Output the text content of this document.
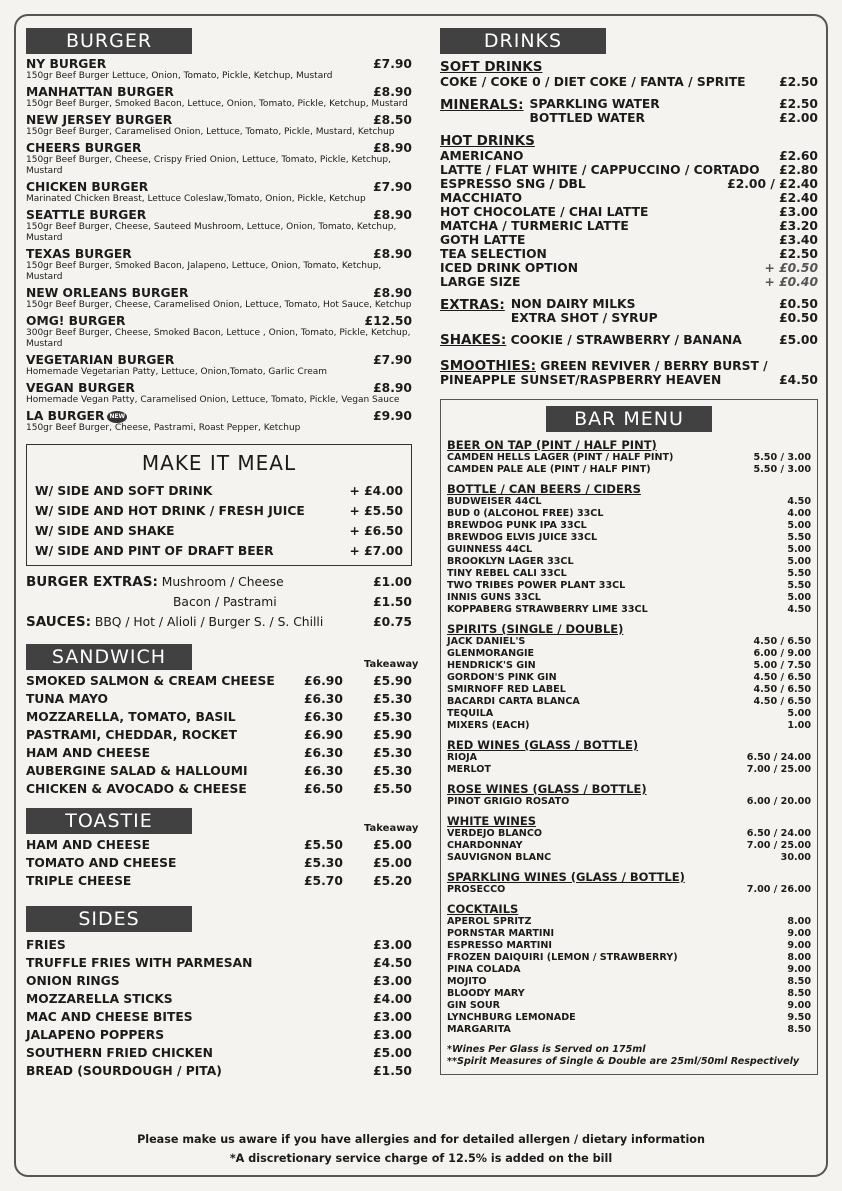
BURGER
NY BURGER	£7.90
150gr Beef Burger Lettuce, Onion, Tomato, Pickle, Ketchup, Mustard
MANHATTAN BURGER	£8.90
150gr Beef Burger, Smoked Bacon, Lettuce, Onion, Tomato, Pickle, Ketchup, Mustard
NEW JERSEY BURGER	£8.50
150gr Beef Burger, Caramelised Onion, Lettuce, Tomato, Pickle, Mustard, Ketchup
CHEERS BURGER	£8.90
150gr Beef Burger, Cheese, Crispy Fried Onion, Lettuce, Tomato, Pickle, Ketchup, Mustard
CHICKEN BURGER	£7.90
Marinated Chicken Breast, Lettuce Coleslaw,Tomato, Onion, Pickle, Ketchup
SEATTLE BURGER	£8.90
150gr Beef Burger, Cheese, Sauteed Mushroom, Lettuce, Onion, Tomato, Ketchup, Mustard
TEXAS BURGER	£8.90
150gr Beef Burger, Smoked Bacon, Jalapeno, Lettuce, Onion, Tomato, Ketchup, Mustard
NEW ORLEANS BURGER	£8.90
150gr Beef Burger, Cheese, Caramelised Onion, Lettuce, Tomato, Hot Sauce, Ketchup
OMG! BURGER	£12.50
300gr Beef Burger, Cheese, Smoked Bacon, Lettuce , Onion, Tomato, Pickle, Ketchup, Mustard
VEGETARIAN BURGER	£7.90
Homemade Vegetarian Patty, Lettuce, Onion,Tomato, Garlic Cream
VEGAN BURGER	£8.90
Homemade Vegan Patty, Caramelised Onion, Lettuce, Tomato, Pickle, Vegan Sauce
LA BURGER NEW	£9.90
150gr Beef Burger, Cheese, Pastrami, Roast Pepper, Ketchup
MAKE IT MEAL
W/ SIDE AND SOFT DRINK	+ £4.00
W/ SIDE AND HOT DRINK / FRESH JUICE	+ £5.50
W/ SIDE AND SHAKE	+ £6.50
W/ SIDE AND PINT OF DRAFT BEER	+ £7.00
BURGER EXTRAS: Mushroom / Cheese	£1.00
Bacon / Pastrami	£1.50
SAUCES: BBQ / Hot / Alioli / Burger S. / S. Chilli	£0.75
SANDWICH	Takeaway
SMOKED SALMON & CREAM CHEESE	£6.90	£5.90
TUNA MAYO	£6.30	£5.30
MOZZARELLA, TOMATO, BASIL	£6.30	£5.30
PASTRAMI, CHEDDAR, ROCKET	£6.90	£5.90
HAM AND CHEESE	£6.30	£5.30
AUBERGINE SALAD & HALLOUMI	£6.30	£5.30
CHICKEN & AVOCADO & CHEESE	£6.50	£5.50
TOASTIE	Takeaway
HAM AND CHEESE	£5.50	£5.00
TOMATO AND CHEESE	£5.30	£5.00
TRIPLE CHEESE	£5.70	£5.20
SIDES
FRIES	£3.00
TRUFFLE FRIES WITH PARMESAN	£4.50
ONION RINGS	£3.00
MOZZARELLA STICKS	£4.00
MAC AND CHEESE BITES	£3.00
JALAPENO POPPERS	£3.00
SOUTHERN FRIED CHICKEN	£5.00
BREAD (SOURDOUGH / PITA)	£1.50
DRINKS
SOFT DRINKS
COKE / COKE 0 / DIET COKE / FANTA / SPRITE	£2.50
MINERALS: SPARKLING WATER	£2.50
BOTTLED WATER	£2.00
HOT DRINKS
AMERICANO	£2.60
LATTE / FLAT WHITE / CAPPUCCINO / CORTADO £2.80
ESPRESSO SNG / DBL	£2.00 / £2.40
MACCHIATO	£2.40
HOT CHOCOLATE / CHAI LATTE	£3.00
MATCHA / TURMERIC LATTE	£3.20
GOTH LATTE	£3.40
TEA SELECTION	£2.50
ICED DRINK OPTION	+ £0.50
LARGE SIZE	+ £0.40
EXTRAS: NON DAIRY MILKS	£0.50
EXTRA SHOT / SYRUP	£0.50
SHAKES: COOKIE / STRAWBERRY / BANANA	£5.00
SMOOTHIES: GREEN REVIVER / BERRY BURST /
PINEAPPLE SUNSET/RASPBERRY HEAVEN	£4.50
BAR MENU
BEER ON TAP (PINT / HALF PINT)
CAMDEN HELLS LAGER (PINT / HALF PINT)	5.50 / 3.00
CAMDEN PALE ALE (PINT / HALF PINT)	5.50 / 3.00
BOTTLE / CAN BEERS / CIDERS
BUDWEISER 44CL	4.50
BUD 0 (ALCOHOL FREE) 33CL	4.00
BREWDOG PUNK IPA 33CL	5.00
BREWDOG ELVIS JUICE 33CL	5.50
GUINNESS 44CL	5.00
BROOKLYN LAGER 33CL	5.00
TINY REBEL CALI 33CL	5.50
TWO TRIBES POWER PLANT 33CL	5.50
INNIS GUNS 33CL	5.00
KOPPABERG STRAWBERRY LIME 33CL	4.50
SPIRITS (SINGLE / DOUBLE)
JACK DANIEL'S	4.50 / 6.50
GLENMORANGIE	6.00 / 9.00
HENDRICK'S GIN	5.00 / 7.50
GORDON'S PINK GIN	4.50 / 6.50
SMIRNOFF RED LABEL	4.50 / 6.50
BACARDI CARTA BLANCA	4.50 / 6.50
TEQUILA	5.00
MIXERS (EACH)	1.00
RED WINES (GLASS / BOTTLE)
RIOJA	6.50 / 24.00
MERLOT	7.00 / 25.00
ROSE WINES (GLASS / BOTTLE)
PINOT GRIGIO ROSATO	6.00 / 20.00
WHITE WINES
VERDEJO BLANCO	6.50 / 24.00
CHARDONNAY	7.00 / 25.00
SAUVIGNON BLANC	30.00
SPARKLING WINES (GLASS / BOTTLE)
PROSECCO	7.00 / 26.00
COCKTAILS
APEROL SPRITZ	8.00
PORNSTAR MARTINI	9.00
ESPRESSO MARTINI	9.00
FROZEN DAIQUIRI (LEMON / STRAWBERRY)	8.00
PINA COLADA	9.00
MOJITO	8.50
BLOODY MARY	8.50
GIN SOUR	9.00
LYNCHBURG LEMONADE	9.50
MARGARITA	8.50
*Wines Per Glass is Served on 175ml
**Spirit Measures of Single & Double are 25ml/50ml Respectively
Please make us aware if you have allergies and for detailed allergen / dietary information
*A discretionary service charge of 12.5% is added on the bill
